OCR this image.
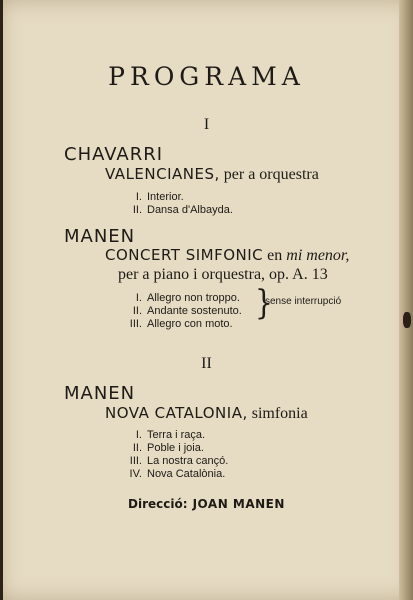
PROGRAMA
I
CHAVARRI
VALENCIANES, per a orquestra
I. Interior.
II. Dansa d'Albayda.
MANEN
CONCERT SIMFONIC en mi menor,
per a piano i orquestra, op. A. 13
I. Allegro non troppo.
II. Andante sostenuto.
III. Allegro con moto.
}
sense interrupció
II
MANEN
NOVA CATALONIA, simfonia
I. Terra i raça.
II. Poble i joia.
III. La nostra cançó.
IV. Nova Catalònia.
Direcció: JOAN MANEN
